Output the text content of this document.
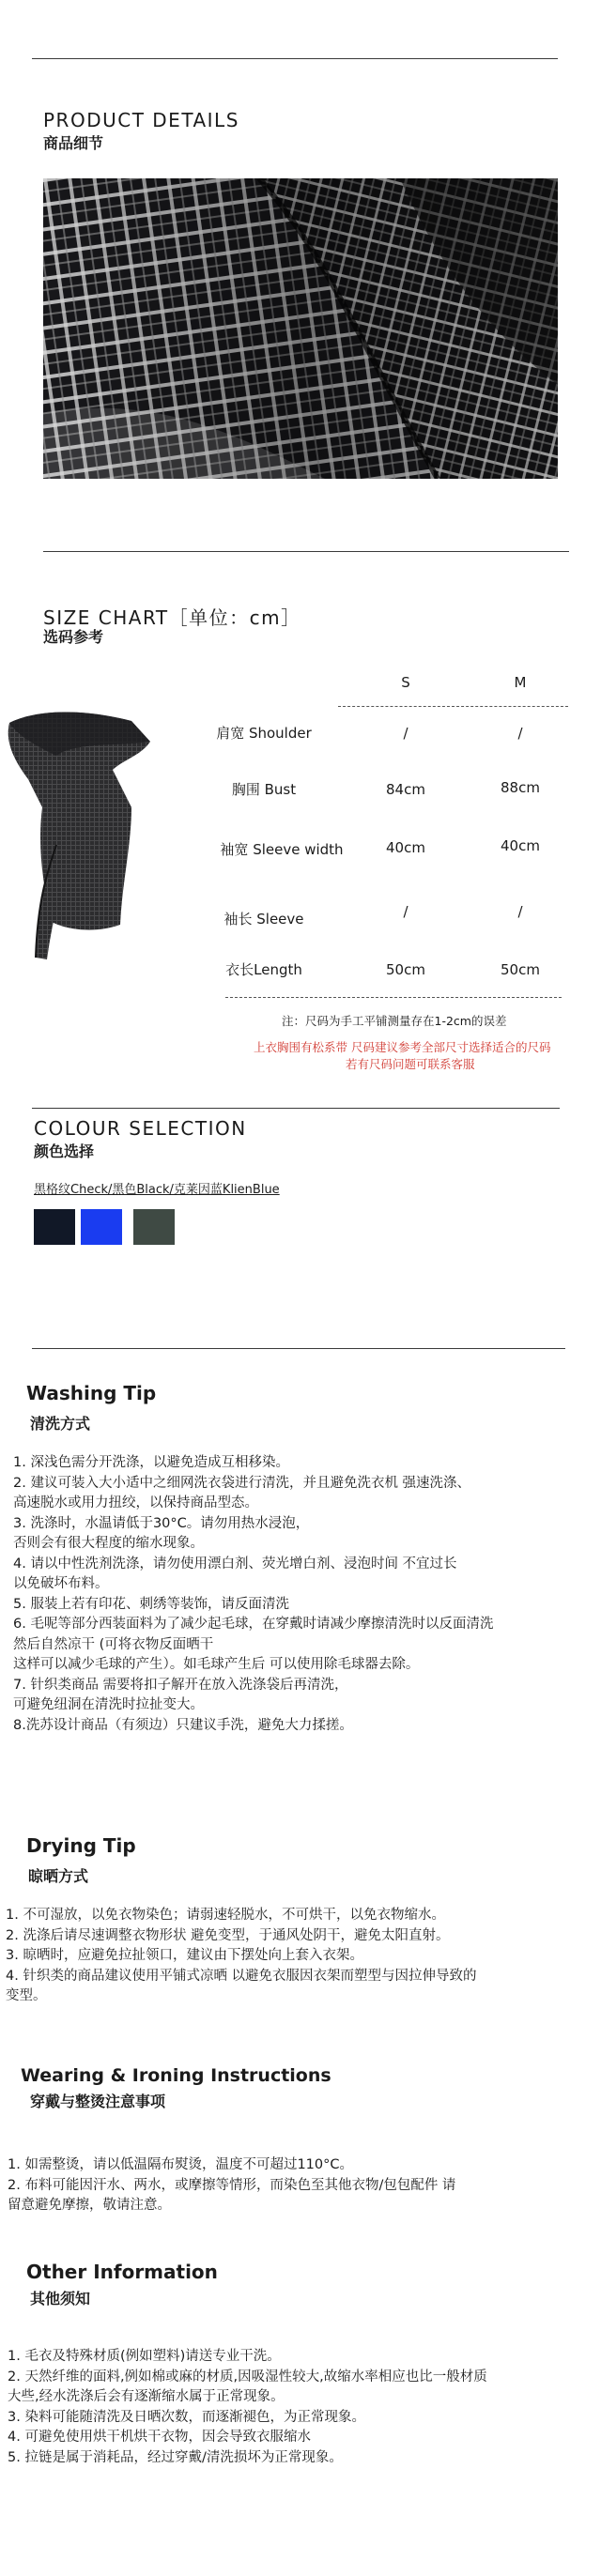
PRODUCT DETAILS
商品细节
SIZE CHART［单位：cm］
选码参考
S	M
肩宽 Shoulder	/	/
胸围 Bust	84cm	88cm
袖宽 Sleeve width	40cm	40cm
袖长 Sleeve	/	/
衣长Length	50cm	50cm
注：尺码为手工平铺测量存在1-2cm的误差
上衣胸围有松系带 尺码建议参考全部尺寸选择适合的尺码
若有尺码问题可联系客服
COLOUR SELECTION
颜色选择
黑格纹Check/黑色Black/克莱因蓝KlienBlue
Washing Tip
清洗方式
1. 深浅色需分开洗涤，以避免造成互相移染。
2. 建议可装入大小适中之细网洗衣袋进行清洗，并且避免洗衣机 强速洗涤、
高速脱水或用力扭绞，以保持商品型态。
3. 洗涤时，水温请低于30°C。请勿用热水浸泡，
否则会有很大程度的缩水现象。
4. 请以中性洗剂洗涤，请勿使用漂白剂、荧光增白剂、浸泡时间 不宜过长
以免破坏布料。
5. 服装上若有印花、刺绣等装饰，请反面清洗
6. 毛呢等部分西装面料为了减少起毛球，在穿戴时请减少摩擦清洗时以反面清洗
然后自然凉干 (可将衣物反面晒干
这样可以减少毛球的产生）。如毛球产生后 可以使用除毛球器去除。
7. 针织类商品 需要将扣子解开在放入洗涤袋后再清洗，
可避免纽洞在清洗时拉扯变大。
8.洗苏设计商品（有须边）只建议手洗，避免大力揉搓。
Drying Tip
晾晒方式
1. 不可湿放，以免衣物染色；请弱速轻脱水，不可烘干，以免衣物缩水。
2. 洗涤后请尽速调整衣物形状 避免变型，于通风处阴干，避免太阳直射。
3. 晾晒时，应避免拉扯领口，建议由下摆处向上套入衣架。
4. 针织类的商品建议使用平铺式凉晒 以避免衣服因衣架而塑型与因拉伸导致的
变型。
Wearing & Ironing Instructions
穿戴与整烫注意事项
1. 如需整烫，请以低温隔布熨烫，温度不可超过110°C。
2. 布料可能因汗水、两水，或摩擦等情形，而染色至其他衣物/包包配件 请
留意避免摩擦，敬请注意。
Other Information
其他须知
1. 毛衣及特殊材质(例如塑料)请送专业干洗。
2. 天然纤维的面料,例如棉或麻的材质,因吸湿性较大,故缩水率相应也比一般材质
大些,经水洗涤后会有逐渐缩水属于正常现象。
3. 染料可能随清洗及日晒次数，而逐渐褪色，为正常现象。
4. 可避免使用烘干机烘干衣物，因会导致衣服缩水
5. 拉链是属于消耗品，经过穿戴/清洗损坏为正常现象。
